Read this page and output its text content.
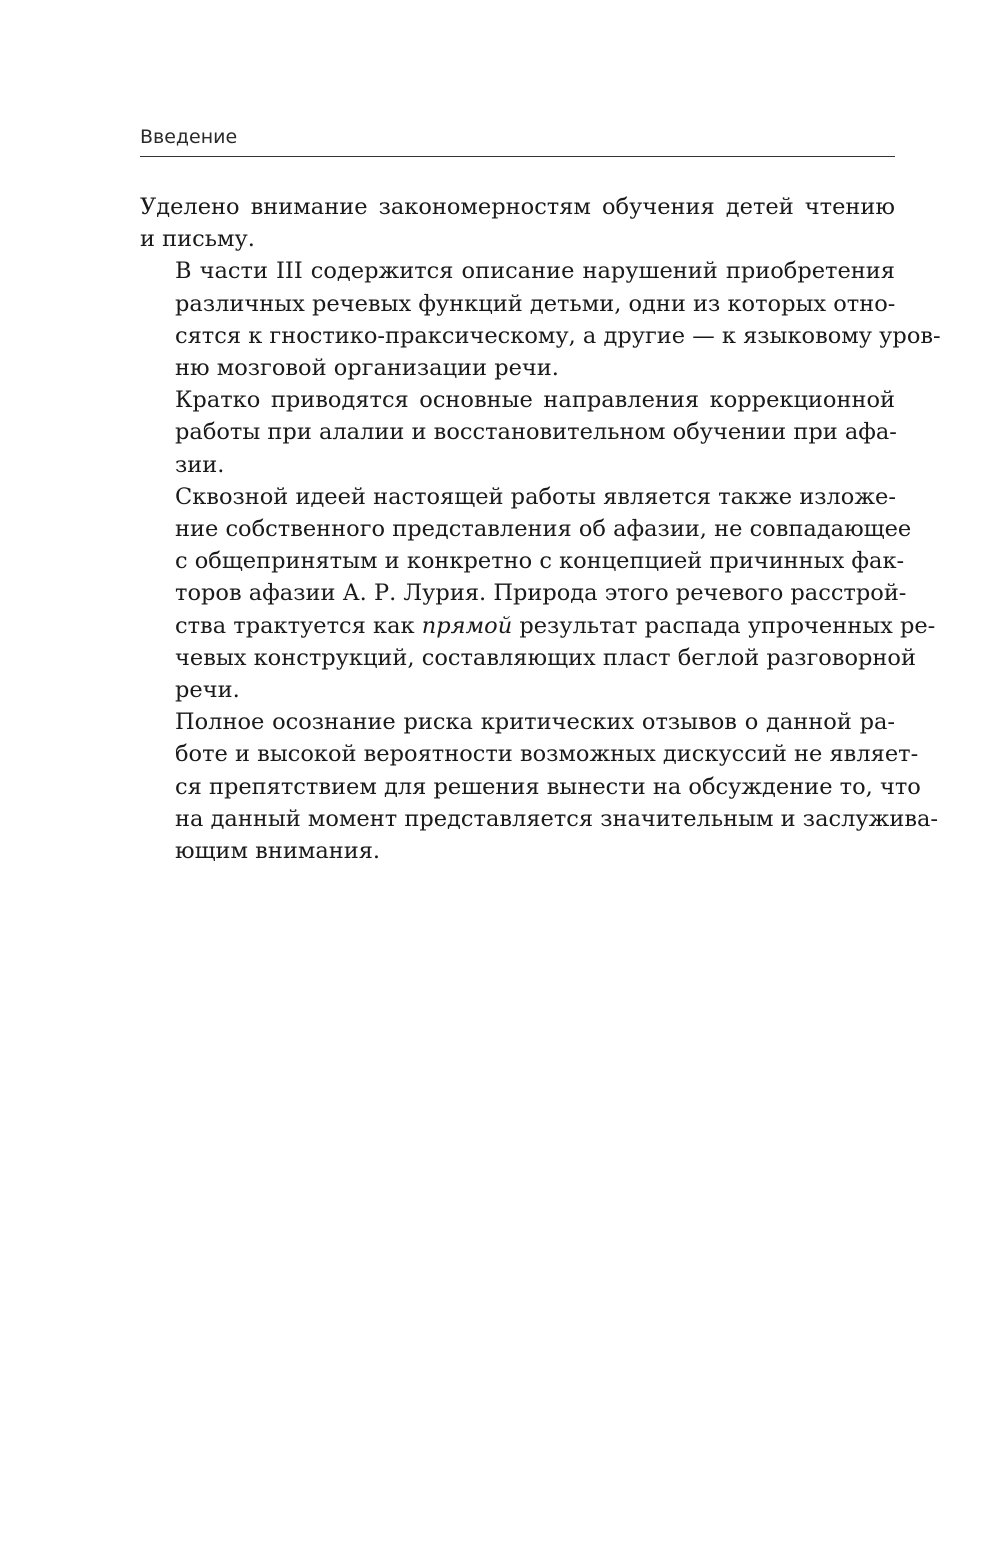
Введение

Уделено внимание закономерностям обучения детей чтению
и письму.

В части III содержится описание нарушений приобретения
различных речевых функций детьми, одни из которых отно-
сятся к гностико-праксическому, а другие — к языковому уров-
ню мозговой организации речи.

Кратко приводятся основные направления коррекционной
работы при алалии и восстановительном обучении при афа-
зии.

Сквозной идеей настоящей работы является также изложе-
ние собственного представления об афазии, не совпадающее
с общепринятым и конкретно с концепцией причинных фак-
торов афазии А. Р. Лурия. Природа этого речевого расстрой-
ства трактуется как прямой результат распада упроченных ре-
чевых конструкций, составляющих пласт беглой разговорной
речи.

Полное осознание риска критических отзывов о данной ра-
боте и высокой вероятности возможных дискуссий не являет-
ся препятствием для решения вынести на обсуждение то, что
на данный момент представляется значительным и заслужива-
ющим внимания.
